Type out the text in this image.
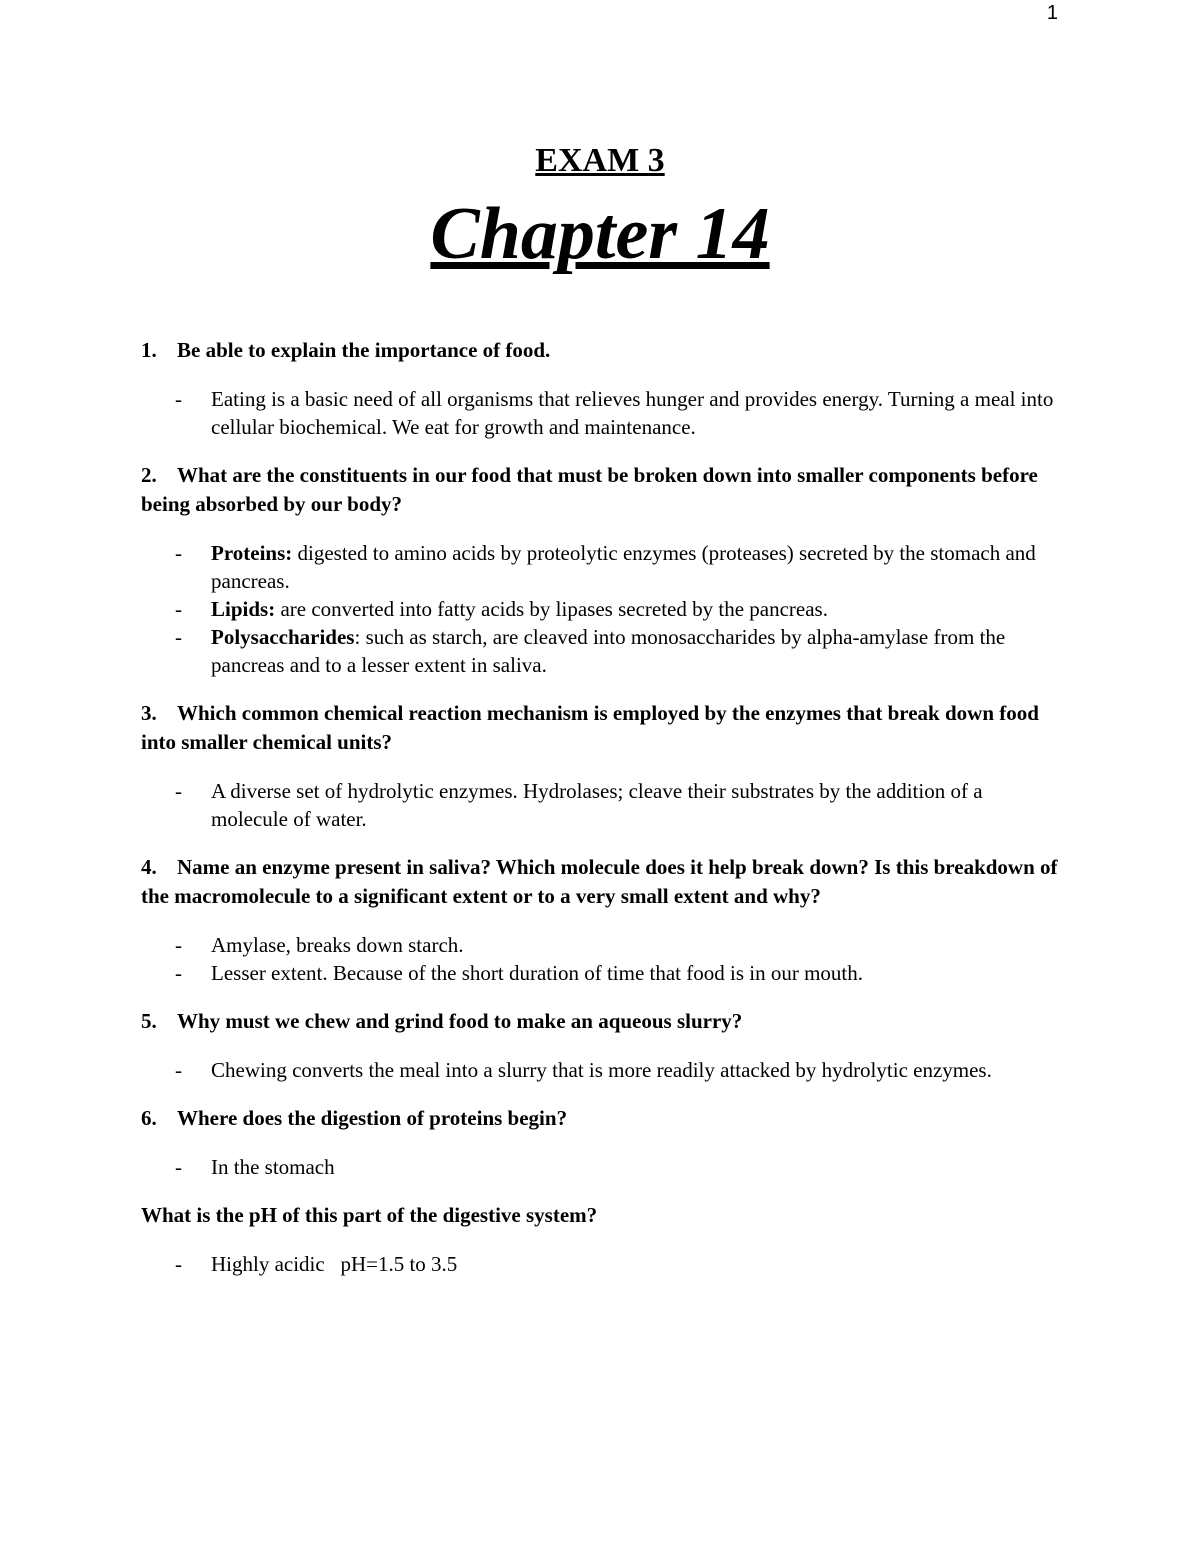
1
EXAM 3
Chapter 14
1. Be able to explain the importance of food.
- Eating is a basic need of all organisms that relieves hunger and provides energy. Turning a meal into cellular biochemical. We eat for growth and maintenance.
2. What are the constituents in our food that must be broken down into smaller components before being absorbed by our body?
- Proteins: digested to amino acids by proteolytic enzymes (proteases) secreted by the stomach and pancreas.
- Lipids: are converted into fatty acids by lipases secreted by the pancreas.
- Polysaccharides: such as starch, are cleaved into monosaccharides by alpha-amylase from the pancreas and to a lesser extent in saliva.
3. Which common chemical reaction mechanism is employed by the enzymes that break down food into smaller chemical units?
- A diverse set of hydrolytic enzymes. Hydrolases; cleave their substrates by the addition of a molecule of water.
4. Name an enzyme present in saliva? Which molecule does it help break down? Is this breakdown of the macromolecule to a significant extent or to a very small extent and why?
- Amylase, breaks down starch.
- Lesser extent. Because of the short duration of time that food is in our mouth.
5. Why must we chew and grind food to make an aqueous slurry?
- Chewing converts the meal into a slurry that is more readily attacked by hydrolytic enzymes.
6. Where does the digestion of proteins begin?
- In the stomach
What is the pH of this part of the digestive system?
- Highly acidic   pH=1.5 to 3.5
